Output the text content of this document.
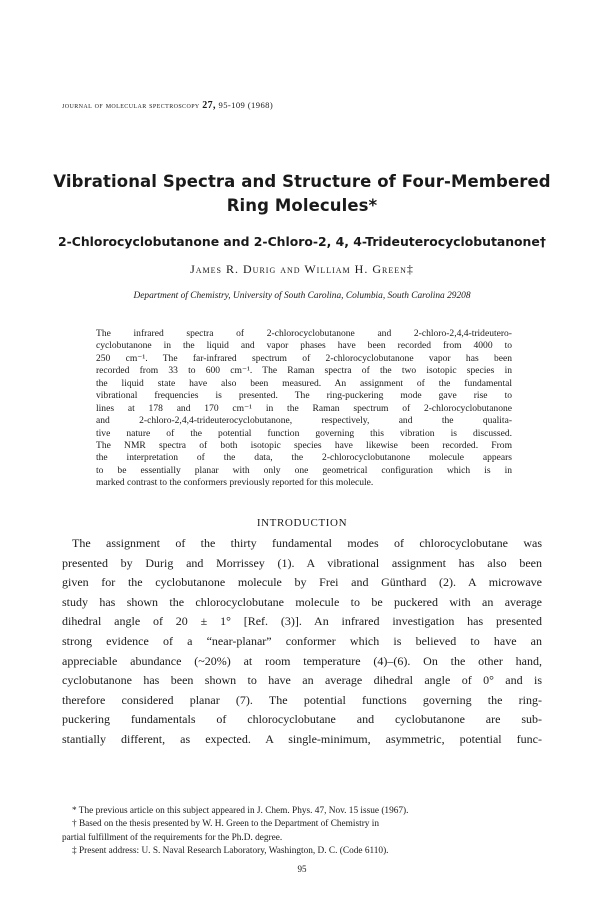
journal of molecular spectroscopy 27, 95-109 (1968)
Vibrational Spectra and Structure of Four-Membered
Ring Molecules*
2-Chlorocyclobutanone and 2-Chloro-2, 4, 4-Trideuterocyclobutanone†
James R. Durig and William H. Green‡
Department of Chemistry, University of South Carolina, Columbia, South Carolina 29208
The infrared spectra of 2-chlorocyclobutanone and 2-chloro-2,4,4-trideutero-
cyclobutanone in the liquid and vapor phases have been recorded from 4000 to
250 cm⁻¹. The far-infrared spectrum of 2-chlorocyclobutanone vapor has been
recorded from 33 to 600 cm⁻¹. The Raman spectra of the two isotopic species in
the liquid state have also been measured. An assignment of the fundamental
vibrational frequencies is presented. The ring-puckering mode gave rise to
lines at 178 and 170 cm⁻¹ in the Raman spectrum of 2-chlorocyclobutanone
and 2-chloro-2,4,4-trideuterocyclobutanone, respectively, and the qualita-
tive nature of the potential function governing this vibration is discussed.
The NMR spectra of both isotopic species have likewise been recorded. From
the interpretation of the data, the 2-chlorocyclobutanone molecule appears
to be essentially planar with only one geometrical configuration which is in
marked contrast to the conformers previously reported for this molecule.
INTRODUCTION
The assignment of the thirty fundamental modes of chlorocyclobutane was
presented by Durig and Morrissey (1). A vibrational assignment has also been
given for the cyclobutanone molecule by Frei and Günthard (2). A microwave
study has shown the chlorocyclobutane molecule to be puckered with an average
dihedral angle of 20 ± 1° [Ref. (3)]. An infrared investigation has presented
strong evidence of a “near-planar” conformer which is believed to have an
appreciable abundance (~20%) at room temperature (4)–(6). On the other hand,
cyclobutanone has been shown to have an average dihedral angle of 0° and is
therefore considered planar (7). The potential functions governing the ring-
puckering fundamentals of chlorocyclobutane and cyclobutanone are sub-
stantially different, as expected. A single-minimum, asymmetric, potential func-
* The previous article on this subject appeared in J. Chem. Phys. 47, Nov. 15 issue (1967).
† Based on the thesis presented by W. H. Green to the Department of Chemistry in
partial fulfillment of the requirements for the Ph.D. degree.
‡ Present address: U. S. Naval Research Laboratory, Washington, D. C. (Code 6110).
95
